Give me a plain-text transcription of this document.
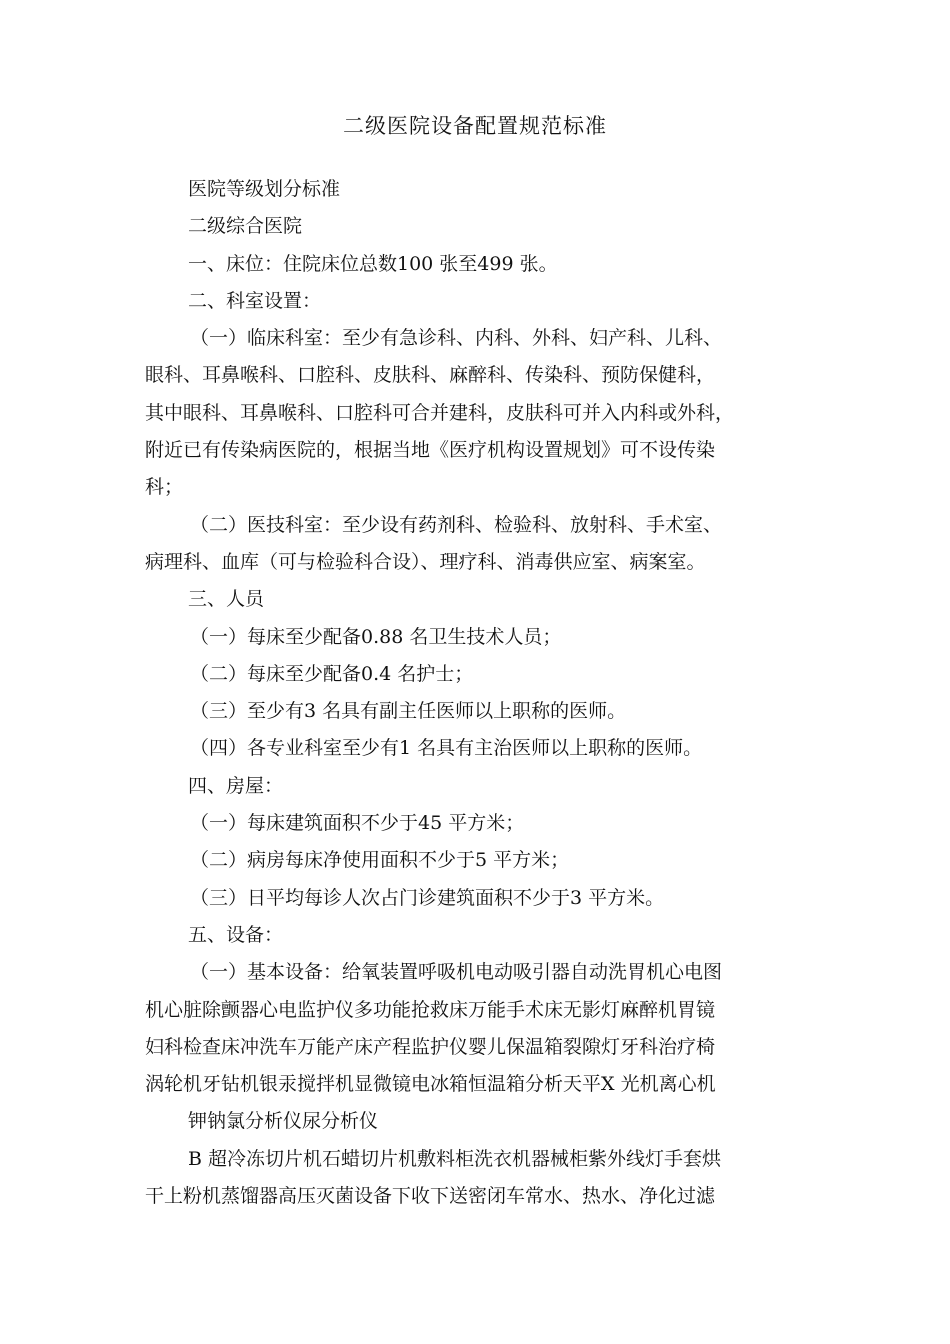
二级医院设备配置规范标准

医院等级划分标准

二级综合医院

一、床位：住院床位总数100 张至499 张。

二、科室设置：

（一）临床科室：至少有急诊科、内科、外科、妇产科、儿科、

眼科、耳鼻喉科、口腔科、皮肤科、麻醉科、传染科、预防保健科，

其中眼科、耳鼻喉科、口腔科可合并建科，皮肤科可并入内科或外科，

附近已有传染病医院的，根据当地《医疗机构设置规划》可不设传染

科；

（二）医技科室：至少设有药剂科、检验科、放射科、手术室、

病理科、血库（可与检验科合设）、理疗科、消毒供应室、病案室。

三、人员

（一）每床至少配备0.88 名卫生技术人员；

（二）每床至少配备0.4 名护士；

（三）至少有3 名具有副主任医师以上职称的医师。

（四）各专业科室至少有1 名具有主治医师以上职称的医师。

四、房屋：

（一）每床建筑面积不少于45 平方米；

（二）病房每床净使用面积不少于5 平方米；

（三）日平均每诊人次占门诊建筑面积不少于3 平方米。

五、设备：

（一）基本设备：给氧装置呼吸机电动吸引器自动洗胃机心电图

机心脏除颤器心电监护仪多功能抢救床万能手术床无影灯麻醉机胃镜

妇科检查床冲洗车万能产床产程监护仪婴儿保温箱裂隙灯牙科治疗椅

涡轮机牙钻机银汞搅拌机显微镜电冰箱恒温箱分析天平X 光机离心机

钾钠氯分析仪尿分析仪

B 超冷冻切片机石蜡切片机敷料柜洗衣机器械柜紫外线灯手套烘

干上粉机蒸馏器高压灭菌设备下收下送密闭车常水、热水、净化过滤
